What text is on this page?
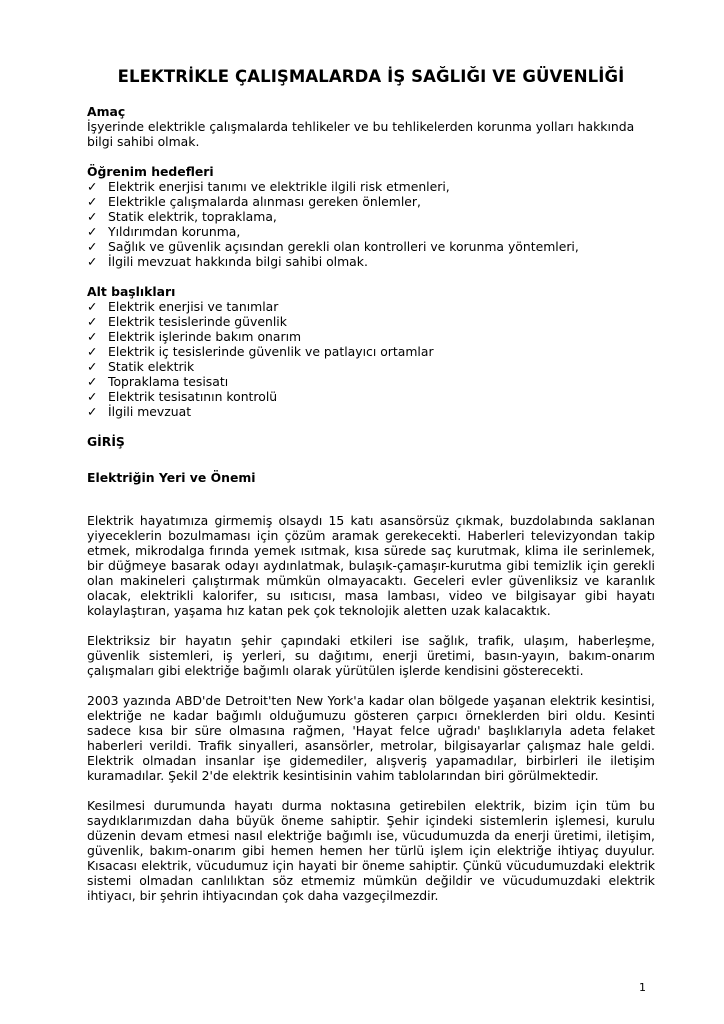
ELEKTRİKLE ÇALIŞMALARDA İŞ SAĞLIĞI VE GÜVENLİĞİ

Amaç

İşyerinde elektrikle çalışmalarda tehlikeler ve bu tehlikelerden korunma yolları hakkında bilgi sahibi olmak.

Öğrenim hedefleri

✓ Elektrik enerjisi tanımı ve elektrikle ilgili risk etmenleri,
✓ Elektrikle çalışmalarda alınması gereken önlemler,
✓ Statik elektrik, topraklama,
✓ Yıldırımdan korunma,
✓ Sağlık ve güvenlik açısından gerekli olan kontrolleri ve korunma yöntemleri,
✓ İlgili mevzuat hakkında bilgi sahibi olmak.

Alt başlıkları

✓ Elektrik enerjisi ve tanımlar
✓ Elektrik tesislerinde güvenlik
✓ Elektrik işlerinde bakım onarım
✓ Elektrik iç tesislerinde güvenlik ve patlayıcı ortamlar
✓ Statik elektrik
✓ Topraklama tesisatı
✓ Elektrik tesisatının kontrolü
✓ İlgili mevzuat

GİRİŞ

Elektriğin Yeri ve Önemi

Elektrik hayatımıza girmemiş olsaydı 15 katı asansörsüz çıkmak, buzdolabında saklanan yiyeceklerin bozulmaması için çözüm aramak gerekecekti. Haberleri televizyondan takip etmek, mikrodalga fırında yemek ısıtmak, kısa sürede saç kurutmak, klima ile serinlemek, bir düğmeye basarak odayı aydınlatmak, bulaşık-çamaşır-kurutma gibi temizlik için gerekli olan makineleri çalıştırmak mümkün olmayacaktı. Geceleri evler güvenliksiz ve karanlık olacak, elektrikli kalorifer, su ısıtıcısı, masa lambası, video ve bilgisayar gibi hayatı kolaylaştıran, yaşama hız katan pek çok teknolojik aletten uzak kalacaktık.

Elektriksiz bir hayatın şehir çapındaki etkileri ise sağlık, trafik, ulaşım, haberleşme, güvenlik sistemleri, iş yerleri, su dağıtımı, enerji üretimi, basın-yayın, bakım-onarım çalışmaları gibi elektriğe bağımlı olarak yürütülen işlerde kendisini gösterecekti.

2003 yazında ABD'de Detroit'ten New York'a kadar olan bölgede yaşanan elektrik kesintisi, elektriğe ne kadar bağımlı olduğumuzu gösteren çarpıcı örneklerden biri oldu. Kesinti sadece kısa bir süre olmasına rağmen, 'Hayat felce uğradı' başlıklarıyla adeta felaket haberleri verildi. Trafik sinyalleri, asansörler, metrolar, bilgisayarlar çalışmaz hale geldi. Elektrik olmadan insanlar işe gidemediler, alışveriş yapamadılar, birbirleri ile iletişim kuramadılar. Şekil 2'de elektrik kesintisinin vahim tablolarından biri görülmektedir.

Kesilmesi durumunda hayatı durma noktasına getirebilen elektrik, bizim için tüm bu saydıklarımızdan daha büyük öneme sahiptir. Şehir içindeki sistemlerin işlemesi, kurulu düzenin devam etmesi nasıl elektriğe bağımlı ise, vücudumuzda da enerji üretimi, iletişim, güvenlik, bakım-onarım gibi hemen hemen her türlü işlem için elektriğe ihtiyaç duyulur. Kısacası elektrik, vücudumuz için hayati bir öneme sahiptir. Çünkü vücudumuzdaki elektrik sistemi olmadan canlılıktan söz etmemiz mümkün değildir ve vücudumuzdaki elektrik ihtiyacı, bir şehrin ihtiyacından çok daha vazgeçilmezdir.

1
